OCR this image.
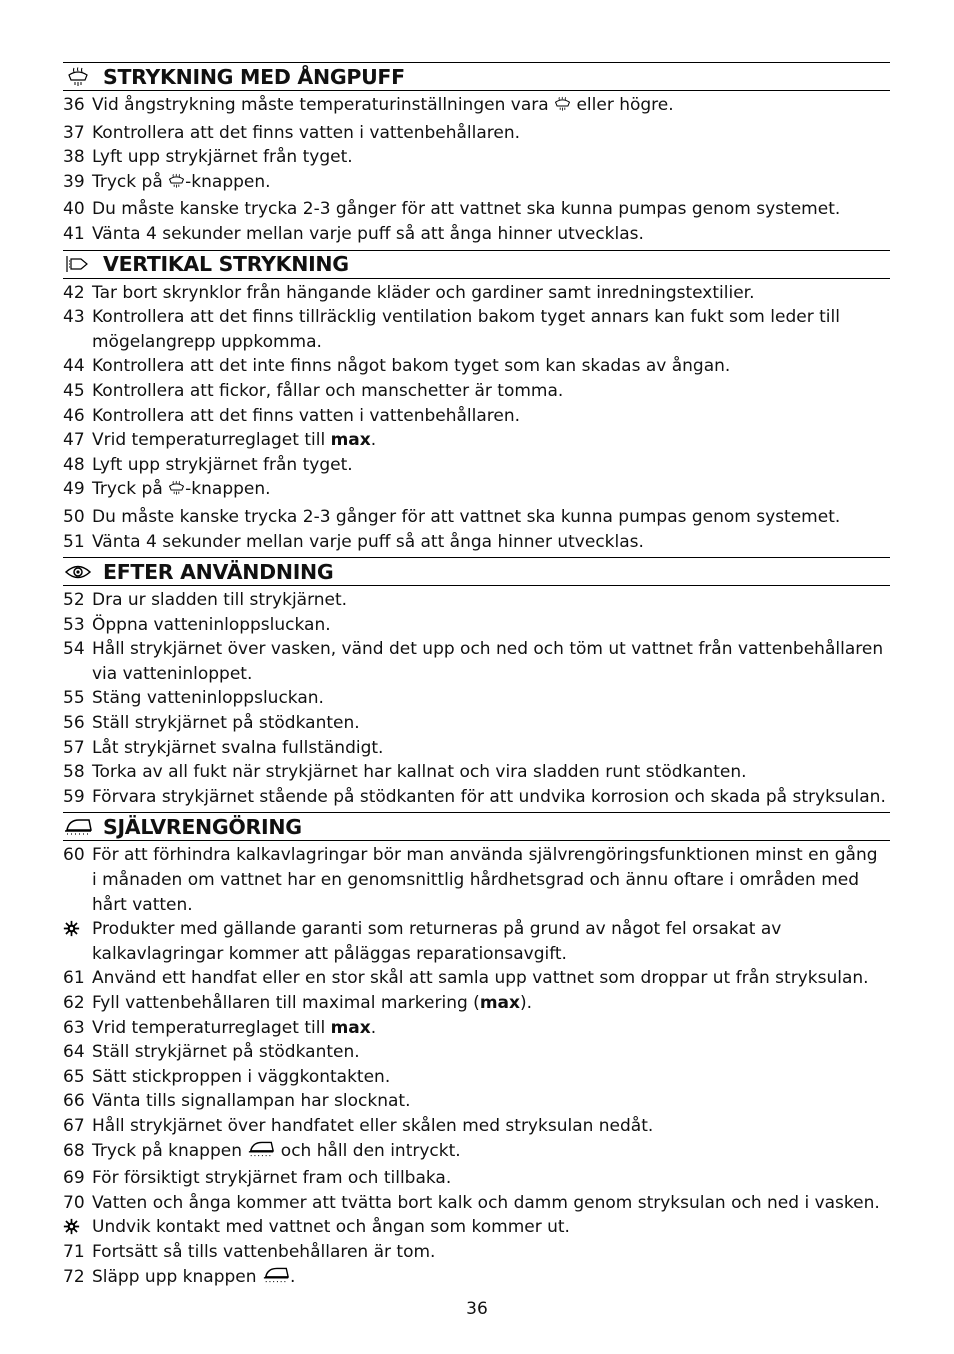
STRYKNING MED ÅNGPUFF
36 Vid ångstrykning måste temperaturinställningen vara  eller högre.
37 Kontrollera att det finns vatten i vattenbehållaren.
38 Lyft upp strykjärnet från tyget.
39 Tryck på -knappen.
40 Du måste kanske trycka 2-3 gånger för att vattnet ska kunna pumpas genom systemet.
41 Vänta 4 sekunder mellan varje puff så att ånga hinner utvecklas.
VERTIKAL STRYKNING
42 Tar bort skrynklor från hängande kläder och gardiner samt inredningstextilier.
43 Kontrollera att det finns tillräcklig ventilation bakom tyget annars kan fukt som leder till
mögelangrepp uppkomma.
44 Kontrollera att det inte finns något bakom tyget som kan skadas av ångan.
45 Kontrollera att fickor, fållar och manschetter är tomma.
46 Kontrollera att det finns vatten i vattenbehållaren.
47 Vrid temperaturreglaget till max.
48 Lyft upp strykjärnet från tyget.
49 Tryck på -knappen.
50 Du måste kanske trycka 2-3 gånger för att vattnet ska kunna pumpas genom systemet.
51 Vänta 4 sekunder mellan varje puff så att ånga hinner utvecklas.
EFTER ANVÄNDNING
52 Dra ur sladden till strykjärnet.
53 Öppna vatteninloppsluckan.
54 Håll strykjärnet över vasken, vänd det upp och ned och töm ut vattnet från vattenbehållaren
via vatteninloppet.
55 Stäng vatteninloppsluckan.
56 Ställ strykjärnet på stödkanten.
57 Låt strykjärnet svalna fullständigt.
58 Torka av all fukt när strykjärnet har kallnat och vira sladden runt stödkanten.
59 Förvara strykjärnet stående på stödkanten för att undvika korrosion och skada på stryksulan.
SJÄLVRENGÖRING
60 För att förhindra kalkavlagringar bör man använda självrengöringsfunktionen minst en gång
i månaden om vattnet har en genomsnittlig hårdhetsgrad och ännu oftare i områden med
hårt vatten.
Produkter med gällande garanti som returneras på grund av något fel orsakat av
kalkavlagringar kommer att påläggas reparationsavgift.
61 Använd ett handfat eller en stor skål att samla upp vattnet som droppar ut från stryksulan.
62 Fyll vattenbehållaren till maximal markering (max).
63 Vrid temperaturreglaget till max.
64 Ställ strykjärnet på stödkanten.
65 Sätt stickproppen i väggkontakten.
66 Vänta tills signallampan har slocknat.
67 Håll strykjärnet över handfatet eller skålen med stryksulan nedåt.
68 Tryck på knappen  och håll den intryckt.
69 För försiktigt strykjärnet fram och tillbaka.
70 Vatten och ånga kommer att tvätta bort kalk och damm genom stryksulan och ned i vasken.
Undvik kontakt med vattnet och ångan som kommer ut.
71 Fortsätt så tills vattenbehållaren är tom.
72 Släpp upp knappen .
36
